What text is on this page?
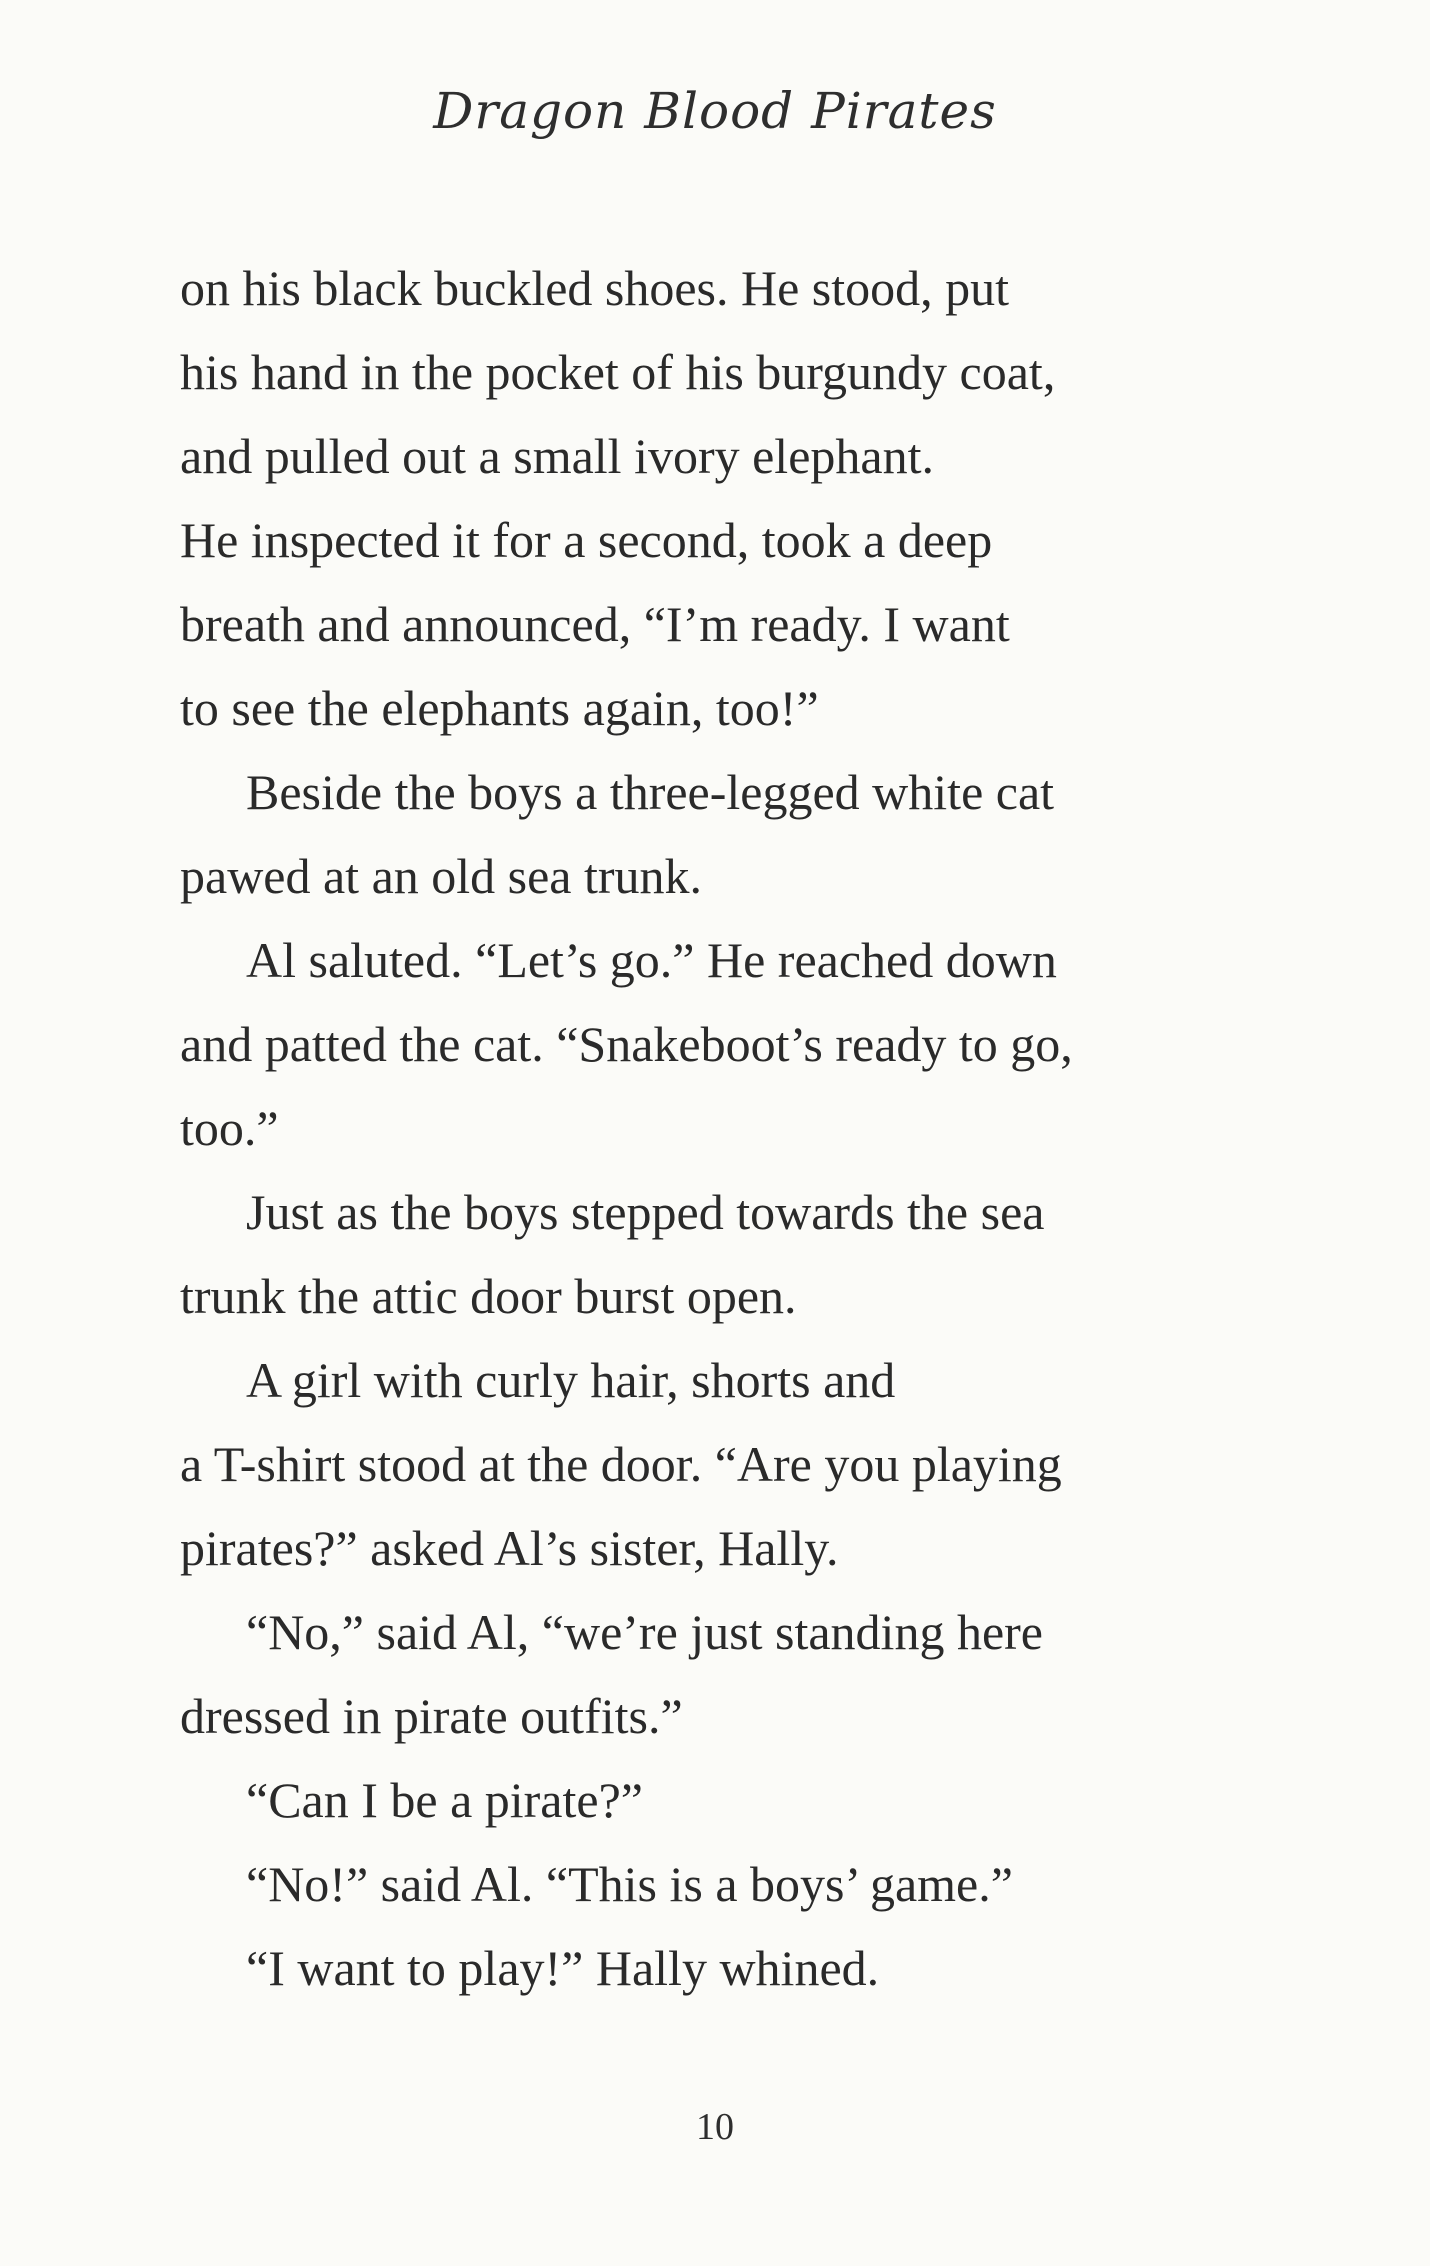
Dragon Blood Pirates
on his black buckled shoes. He stood, put
his hand in the pocket of his burgundy coat,
and pulled out a small ivory elephant.
He inspected it for a second, took a deep
breath and announced, “I’m ready. I want
to see the elephants again, too!”
Beside the boys a three-legged white cat
pawed at an old sea trunk.
Al saluted. “Let’s go.” He reached down
and patted the cat. “Snakeboot’s ready to go,
too.”
Just as the boys stepped towards the sea
trunk the attic door burst open.
A girl with curly hair, shorts and
a T-shirt stood at the door. “Are you playing
pirates?” asked Al’s sister, Hally.
“No,” said Al, “we’re just standing here
dressed in pirate outfits.”
“Can I be a pirate?”
“No!” said Al. “This is a boys’ game.”
“I want to play!” Hally whined.
10
